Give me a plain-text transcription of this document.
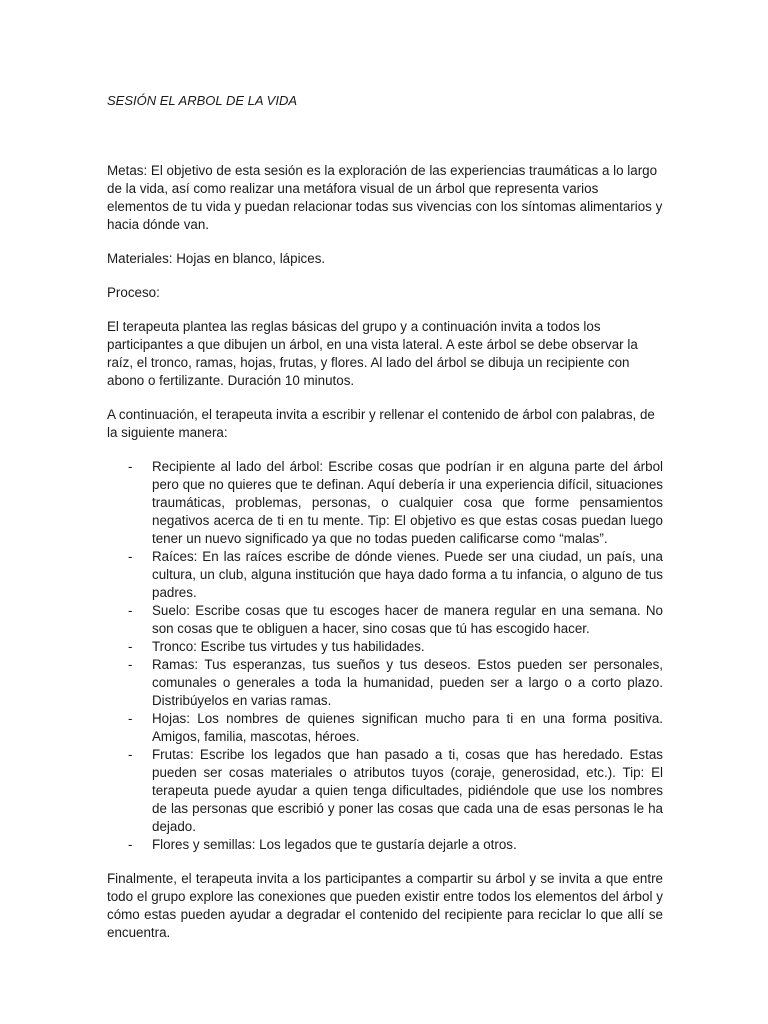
SESIÓN EL ARBOL DE LA VIDA

Metas: El objetivo de esta sesión es la exploración de las experiencias traumáticas a lo largo de la vida, así como realizar una metáfora visual de un árbol que representa varios elementos de tu vida y puedan relacionar todas sus vivencias con los síntomas alimentarios y hacia dónde van.

Materiales: Hojas en blanco, lápices.

Proceso:

El terapeuta plantea las reglas básicas del grupo y a continuación invita a todos los participantes a que dibujen un árbol, en una vista lateral. A este árbol se debe observar la raíz, el tronco, ramas, hojas, frutas, y flores. Al lado del árbol se dibuja un recipiente con abono o fertilizante. Duración 10 minutos.

A continuación, el terapeuta invita a escribir y rellenar el contenido de árbol con palabras, de la siguiente manera:

- Recipiente al lado del árbol: Escribe cosas que podrían ir en alguna parte del árbol pero que no quieres que te definan. Aquí debería ir una experiencia difícil, situaciones traumáticas, problemas, personas, o cualquier cosa que forme pensamientos negativos acerca de ti en tu mente. Tip: El objetivo es que estas cosas puedan luego tener un nuevo significado ya que no todas pueden calificarse como “malas”.
- Raíces: En las raíces escribe de dónde vienes. Puede ser una ciudad, un país, una cultura, un club, alguna institución que haya dado forma a tu infancia, o alguno de tus padres.
- Suelo: Escribe cosas que tu escoges hacer de manera regular en una semana. No son cosas que te obliguen a hacer, sino cosas que tú has escogido hacer.
- Tronco: Escribe tus virtudes y tus habilidades.
- Ramas: Tus esperanzas, tus sueños y tus deseos. Estos pueden ser personales, comunales o generales a toda la humanidad, pueden ser a largo o a corto plazo. Distribúyelos en varias ramas.
- Hojas: Los nombres de quienes significan mucho para ti en una forma positiva. Amigos, familia, mascotas, héroes.
- Frutas: Escribe los legados que han pasado a ti, cosas que has heredado. Estas pueden ser cosas materiales o atributos tuyos (coraje, generosidad, etc.). Tip: El terapeuta puede ayudar a quien tenga dificultades, pidiéndole que use los nombres de las personas que escribió y poner las cosas que cada una de esas personas le ha dejado.
- Flores y semillas: Los legados que te gustaría dejarle a otros.

Finalmente, el terapeuta invita a los participantes a compartir su árbol y se invita a que entre todo el grupo explore las conexiones que pueden existir entre todos los elementos del árbol y cómo estas pueden ayudar a degradar el contenido del recipiente para reciclar lo que allí se encuentra.
